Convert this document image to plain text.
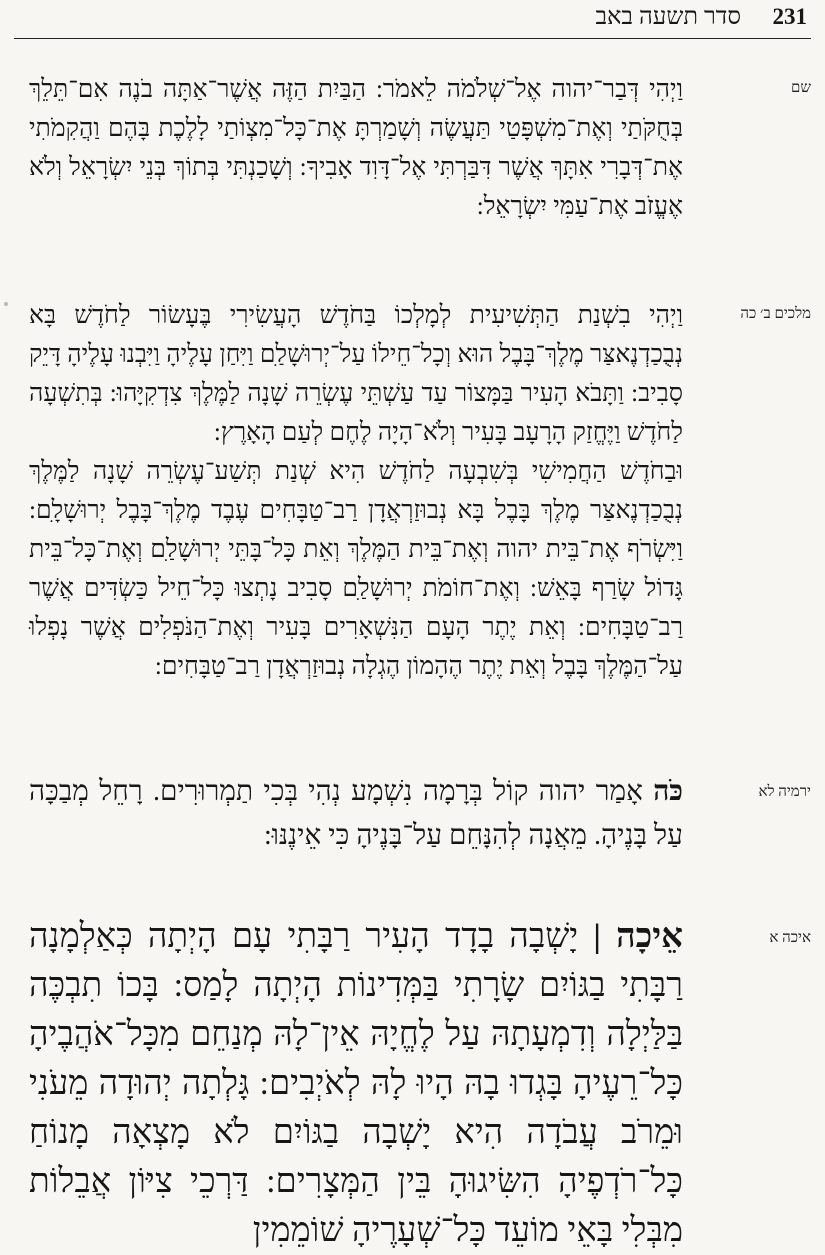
231
סדר תשעה באב
שם

וַיְהִי דְּבַר־יהוה אֶל־שְׁלֹמֹה לֵאמֹר: הַבַּיִת הַזֶּה אֲשֶׁר־אַתָּה בֹנֶה אִם־תֵּלֵךְ בְּחֻקֹּתַי וְאֶת־מִשְׁפָּטַי תַּעֲשֶׂה וְשָׁמַרְתָּ אֶת־כָּל־מִצְוֹתַי לָלֶכֶת בָּהֶם וַהֲקִמֹתִי אֶת־דְּבָרִי אִתָּךְ אֲשֶׁר דִּבַּרְתִּי אֶל־דָּוִד אָבִיךָ: וְשָׁכַנְתִּי בְּתוֹךְ בְּנֵי יִשְׂרָאֵל וְלֹא אֶעֱזֹב אֶת־עַמִּי יִשְׂרָאֵל:

מלכים ב׳ כה

וַיְהִי בִשְׁנַת הַתְּשִׁיעִית לְמָלְכוֹ בַּחֹדֶשׁ הָעֲשִׂירִי בֶּעָשׂוֹר לַחֹדֶשׁ בָּא נְבֻכַדְנֶאצַּר מֶלֶךְ־בָּבֶל הוּא וְכָל־חֵילוֹ עַל־יְרוּשָׁלַ‍ִם וַיִּחַן עָלֶיהָ וַיִּבְנוּ עָלֶיהָ דָּיֵק סָבִיב: וַתָּבֹא הָעִיר בַּמָּצוֹר עַד עַשְׁתֵּי עֶשְׂרֵה שָׁנָה לַמֶּלֶךְ צִדְקִיָּהוּ: בְּתִשְׁעָה לַחֹדֶשׁ וַיֶּחֱזַק הָרָעָב בָּעִיר וְלֹא־הָיָה לֶחֶם לְעַם הָאָרֶץ:

וּבַחֹדֶשׁ הַחֲמִישִׁי בְּשִׁבְעָה לַחֹדֶשׁ הִיא שְׁנַת תְּשַׁע־עֶשְׂרֵה שָׁנָה לַמֶּלֶךְ נְבֻכַדְנֶאצַּר מֶלֶךְ בָּבֶל בָּא נְבוּזַרְאֲדָן רַב־טַבָּחִים עֶבֶד מֶלֶךְ־בָּבֶל יְרוּשָׁלָ‍ִם: וַיִּשְׂרֹף אֶת־בֵּית יהוה וְאֶת־בֵּית הַמֶּלֶךְ וְאֵת כָּל־בָּתֵּי יְרוּשָׁלַ‍ִם וְאֶת־כָּל־בֵּית גָּדוֹל שָׂרַף בָּאֵשׁ: וְאֶת־חוֹמֹת יְרוּשָׁלַ‍ִם סָבִיב נָתְצוּ כָּל־חֵיל כַּשְׂדִּים אֲשֶׁר רַב־טַבָּחִים: וְאֵת יֶתֶר הָעָם הַנִּשְׁאָרִים בָּעִיר וְאֶת־הַנֹּפְלִים אֲשֶׁר נָפְלוּ עַל־הַמֶּלֶךְ בָּבֶל וְאֵת יֶתֶר הֶהָמוֹן הֶגְלָה נְבוּזַרְאֲדָן רַב־טַבָּחִים:

ירמיה לא

כֹּה אָמַר יהוה קוֹל בְּרָמָה נִשְׁמָע נְהִי בְּכִי תַמְרוּרִים. רָחֵל מְבַכָּה עַל בָּנֶיהָ. מֵאֲנָה לְהִנָּחֵם עַל־בָּנֶיהָ כִּי אֵינֶנּוּ:

איכה א

אֵיכָה | יָשְׁבָה בָדָד הָעִיר רַבָּתִי עָם הָיְתָה כְּאַלְמָנָה רַבָּתִי בַגּוֹיִם שָׂרָתִי בַּמְּדִינוֹת הָיְתָה לָמַס: בָּכוֹ תִבְכֶּה בַּלַּיְלָה וְדִמְעָתָהּ עַל לֶחֱיָהּ אֵין־לָהּ מְנַחֵם מִכָּל־אֹהֲבֶיהָ כָּל־רֵעֶיהָ בָּגְדוּ בָהּ הָיוּ לָהּ לְאֹיְבִים: גָּלְתָה יְהוּדָה מֵעֹנִי וּמֵרֹב עֲבֹדָה הִיא יָשְׁבָה בַגּוֹיִם לֹא מָצְאָה מָנוֹחַ כָּל־רֹדְפֶיהָ הִשִּׂיגוּהָ בֵּין הַמְּצָרִים: דַּרְכֵי צִיּוֹן אֲבֵלוֹת מִבְּלִי בָּאֵי מוֹעֵד כָּל־שְׁעָרֶיהָ שׁוֹמֵמִין
